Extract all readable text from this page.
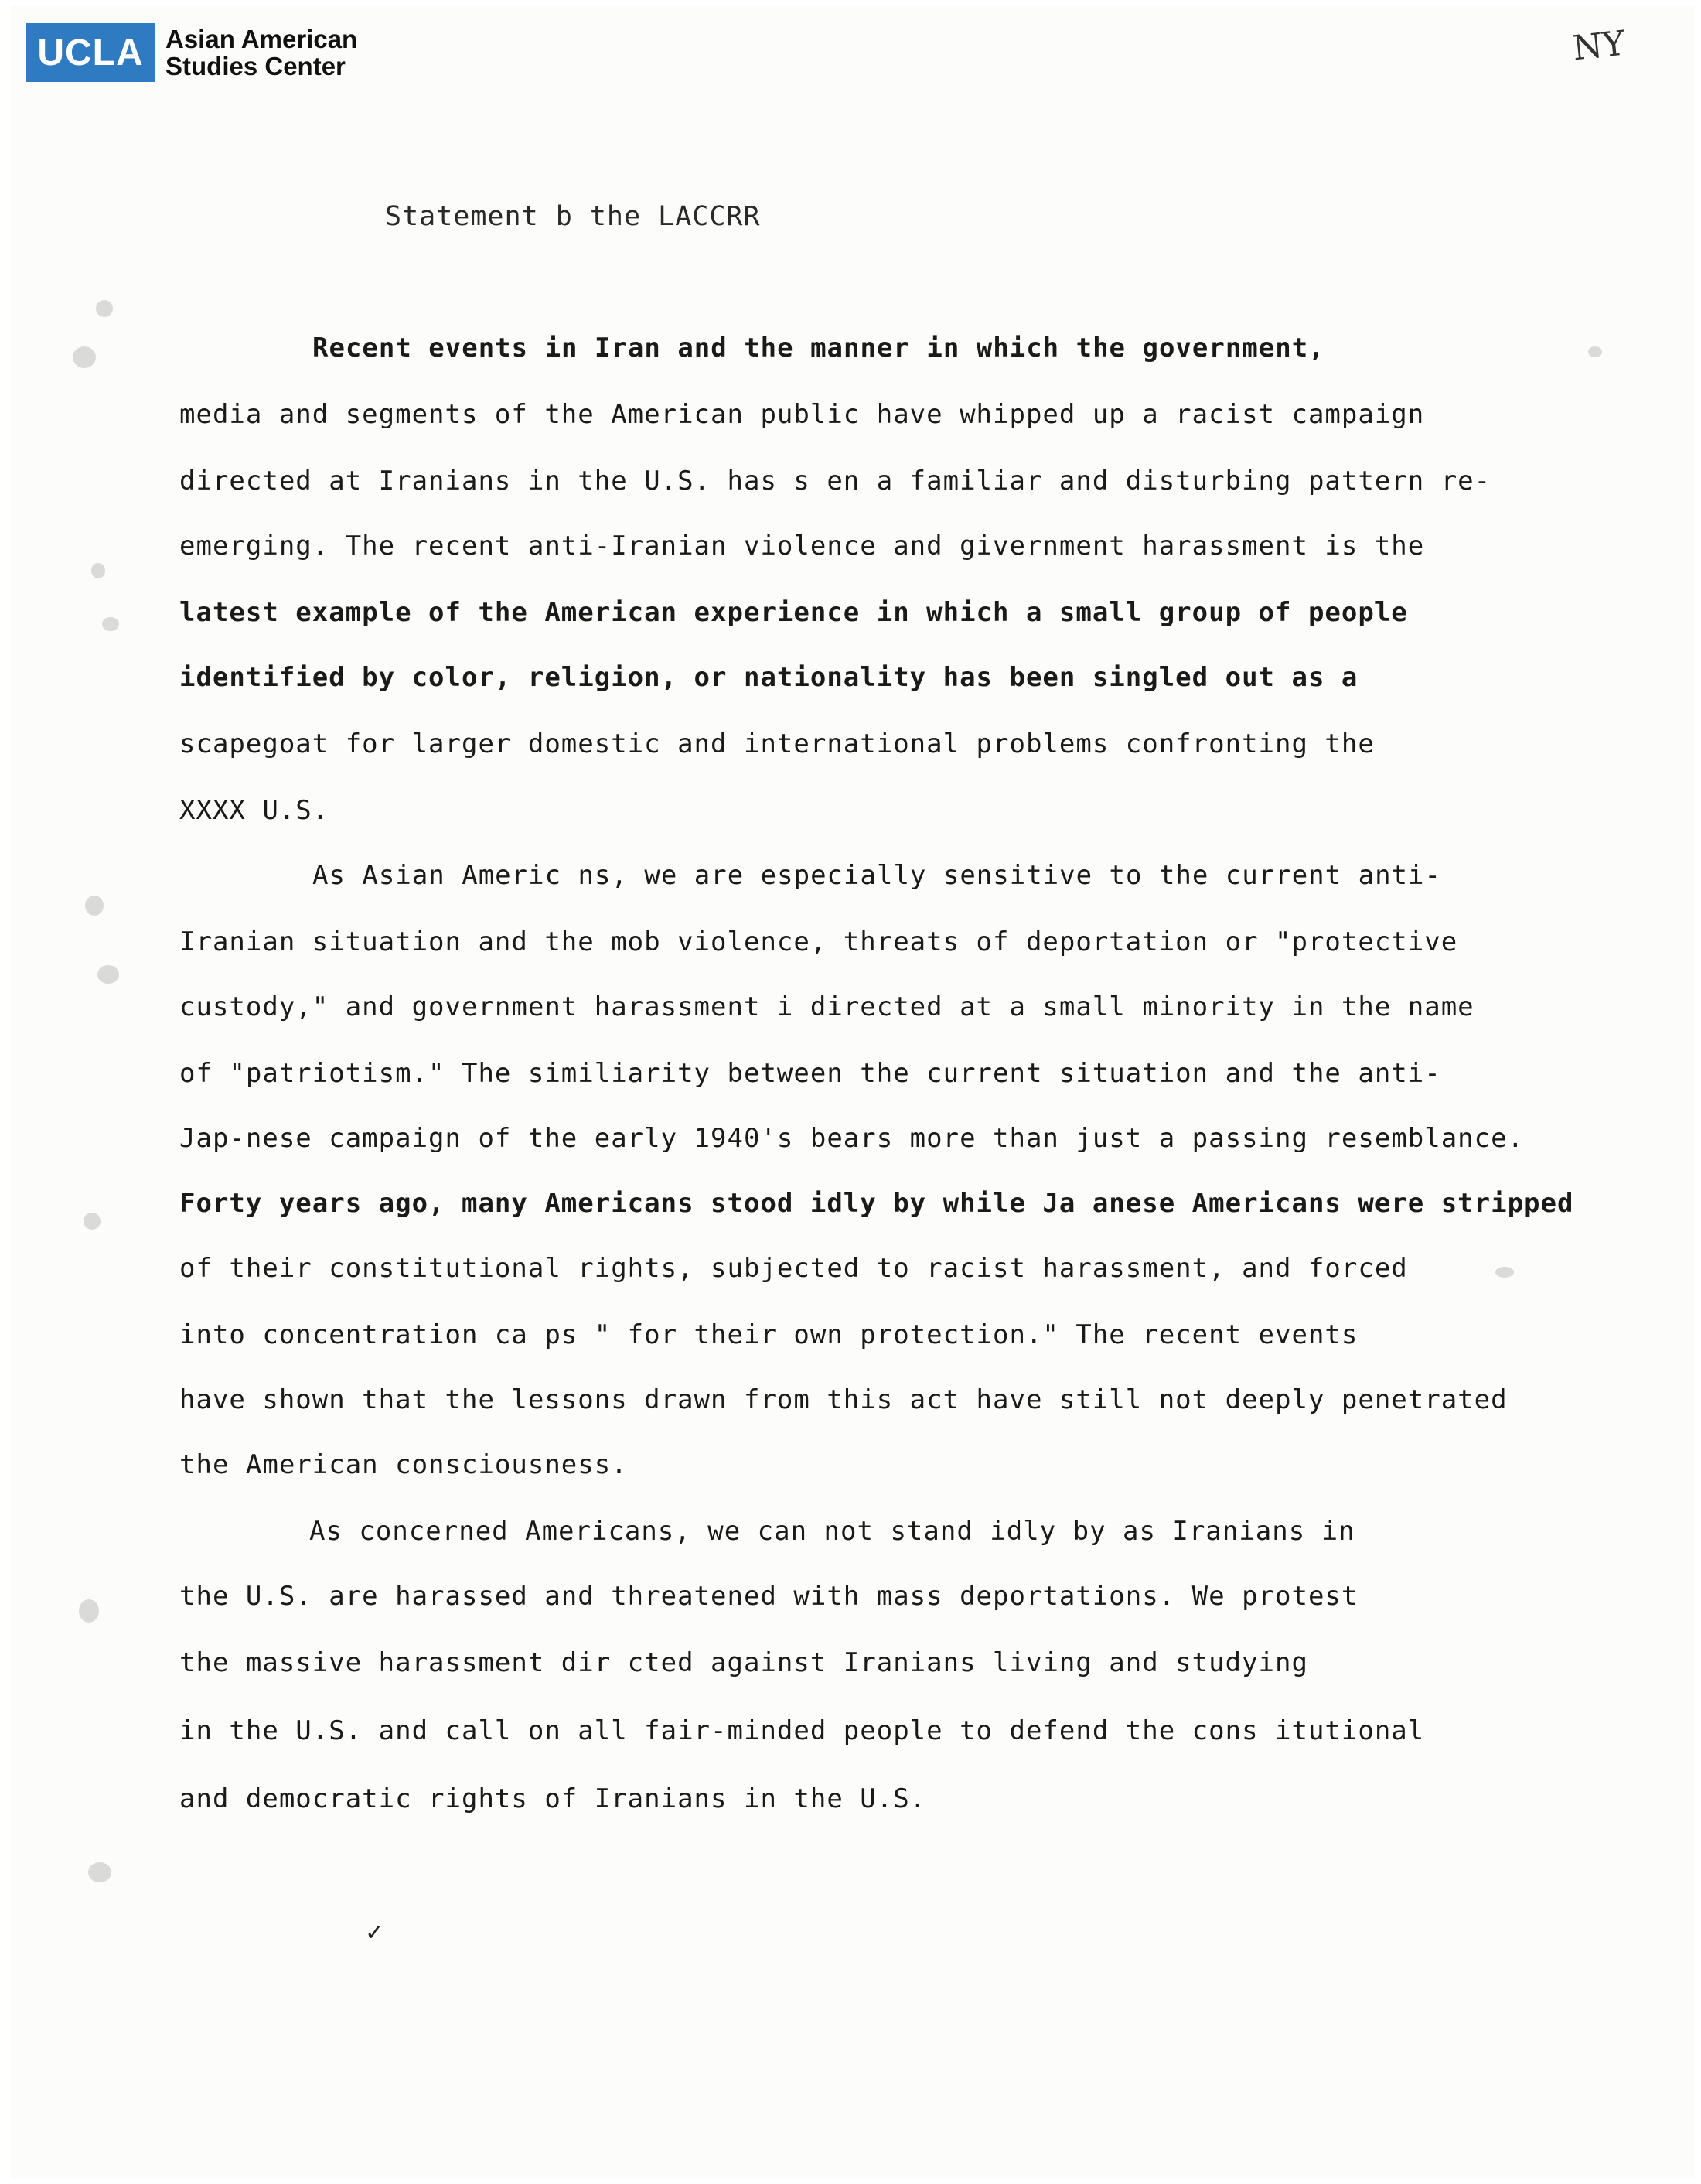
UCLA Asian American
Studies Center	NY
Statement b the LACCRR
Recent events in Iran and the manner in which the government,
media and segments of the American public have whipped up a racist campaign
directed at Iranians in the U.S. has s en a familiar and disturbing pattern re-
emerging. The recent anti-Iranian violence and givernment harassment is the
latest example of the American experience in which a small group of people
identified by color, religion, or nationality has been singled out as a
scapegoat for larger domestic and international problems confronting the
XXXX U.S.
As Asian Americ ns, we are especially sensitive to the current anti-
Iranian situation and the mob violence, threats of deportation or "protective
custody," and government harassment i directed at a small minority in the name
of "patriotism." The similiarity between the current situation and the anti-
Jap-nese campaign of the early 1940's bears more than just a passing resemblance.
Forty years ago, many Americans stood idly by while Ja anese Americans were stripped
of their constitutional rights, subjected to racist harassment, and forced
into concentration ca ps " for their own protection." The recent events
have shown that the lessons drawn from this act have still not deeply penetrated
the American consciousness.
As concerned Americans, we can not stand idly by as Iranians in
the U.S. are harassed and threatened with mass deportations. We protest
the massive harassment dir cted against Iranians living and studying
in the U.S. and call on all fair-minded people to defend the cons itutional
and democratic rights of Iranians in the U.S.
✓
